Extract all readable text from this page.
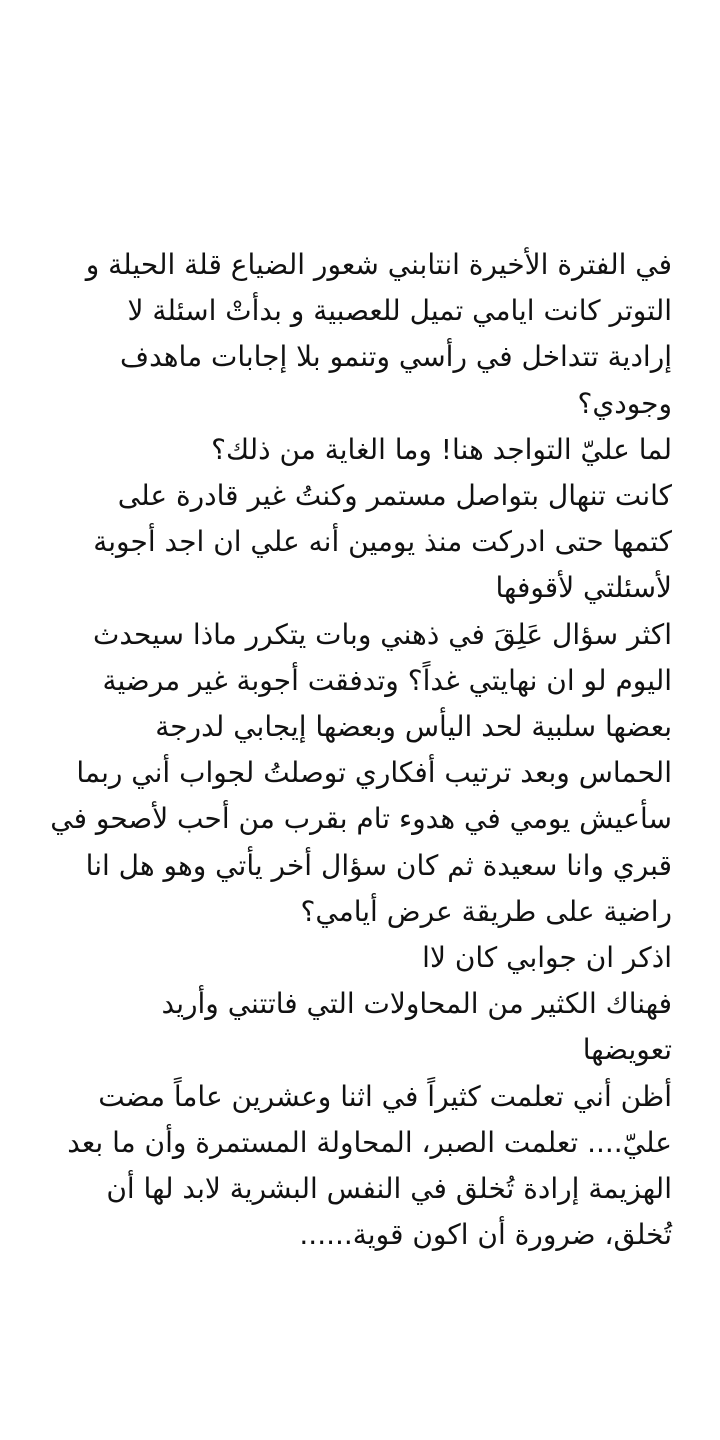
في الفترة الأخيرة انتابني شعور الضياع قلة الحيلة و
التوتر كانت ايامي تميل للعصبية و بدأتْ اسئلة لا
إرادية تتداخل في رأسي وتنمو بلا إجابات ماهدف
وجودي؟
لما عليّ التواجد هنا! وما الغاية من ذلك؟
كانت تنهال بتواصل مستمر وكنتُ غير قادرة على
كتمها حتى ادركت منذ يومين أنه علي ان اجد أجوبة
لأسئلتي لأقوفها
اكثر سؤال عَلِقَ في ذهني وبات يتكرر ماذا سيحدث
اليوم لو ان نهايتي غداً؟ وتدفقت أجوبة غير مرضية
بعضها سلبية لحد اليأس وبعضها إيجابي لدرجة
الحماس وبعد ترتيب أفكاري توصلتُ لجواب أني ربما
سأعيش يومي في هدوء تام بقرب من أحب لأصحو في
قبري وانا سعيدة ثم كان سؤال أخر يأتي وهو هل انا
راضية على طريقة عرض أيامي؟
اذكر ان جوابي كان لاا
فهناك الكثير من المحاولات التي فاتتني وأريد
تعويضها
أظن أني تعلمت كثيراً في اثنا وعشرين عاماً مضت
عليّ.... تعلمت الصبر، المحاولة المستمرة وأن ما بعد
الهزيمة إرادة تُخلق في النفس البشرية لابد لها أن
تُخلق، ضرورة أن اكون قوية......
